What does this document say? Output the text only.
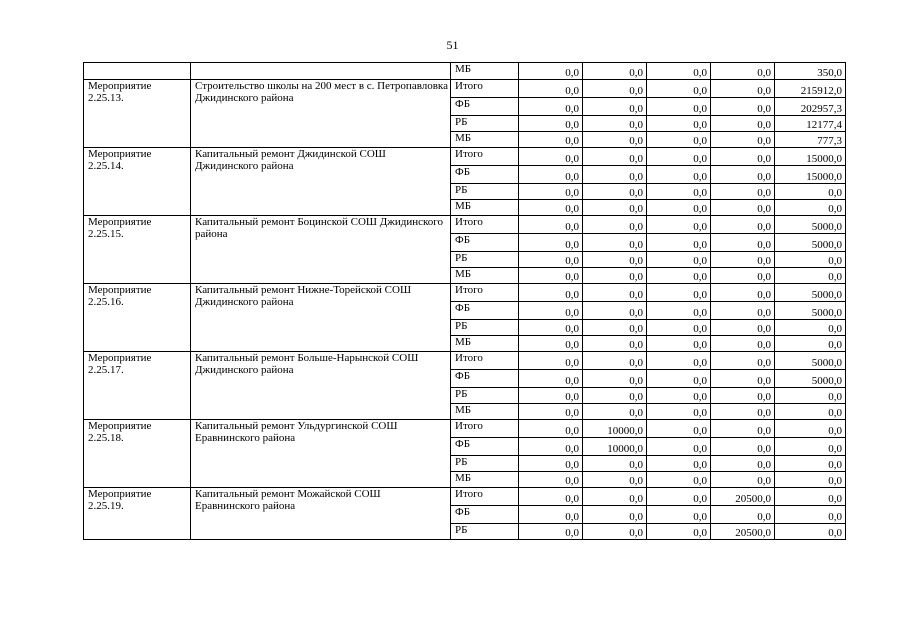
51
		МБ	0,0	0,0	0,0	0,0	350,0
Мероприятие 2.25.13.	Строительство школы на 200 мест в с. Петропавловка Джидинского района	Итого	0,0	0,0	0,0	0,0	215912,0
		ФБ	0,0	0,0	0,0	0,0	202957,3
		РБ	0,0	0,0	0,0	0,0	12177,4
		МБ	0,0	0,0	0,0	0,0	777,3
Мероприятие 2.25.14.	Капитальный ремонт Джидинской СОШ Джидинского района	Итого	0,0	0,0	0,0	0,0	15000,0
		ФБ	0,0	0,0	0,0	0,0	15000,0
		РБ	0,0	0,0	0,0	0,0	0,0
		МБ	0,0	0,0	0,0	0,0	0,0
Мероприятие 2.25.15.	Капитальный ремонт Боцинской СОШ Джидинского района	Итого	0,0	0,0	0,0	0,0	5000,0
		ФБ	0,0	0,0	0,0	0,0	5000,0
		РБ	0,0	0,0	0,0	0,0	0,0
		МБ	0,0	0,0	0,0	0,0	0,0
Мероприятие 2.25.16.	Капитальный ремонт Нижне-Торейской СОШ Джидинского района	Итого	0,0	0,0	0,0	0,0	5000,0
		ФБ	0,0	0,0	0,0	0,0	5000,0
		РБ	0,0	0,0	0,0	0,0	0,0
		МБ	0,0	0,0	0,0	0,0	0,0
Мероприятие 2.25.17.	Капитальный ремонт Больше-Нарынской СОШ Джидинского района	Итого	0,0	0,0	0,0	0,0	5000,0
		ФБ	0,0	0,0	0,0	0,0	5000,0
		РБ	0,0	0,0	0,0	0,0	0,0
		МБ	0,0	0,0	0,0	0,0	0,0
Мероприятие 2.25.18.	Капитальный ремонт Ульдургинской СОШ Еравнинского района	Итого	0,0	10000,0	0,0	0,0	0,0
		ФБ	0,0	10000,0	0,0	0,0	0,0
		РБ	0,0	0,0	0,0	0,0	0,0
		МБ	0,0	0,0	0,0	0,0	0,0
Мероприятие 2.25.19.	Капитальный ремонт Можайской СОШ Еравнинского района	Итого	0,0	0,0	0,0	20500,0	0,0
		ФБ	0,0	0,0	0,0	0,0	0,0
		РБ	0,0	0,0	0,0	20500,0	0,0
